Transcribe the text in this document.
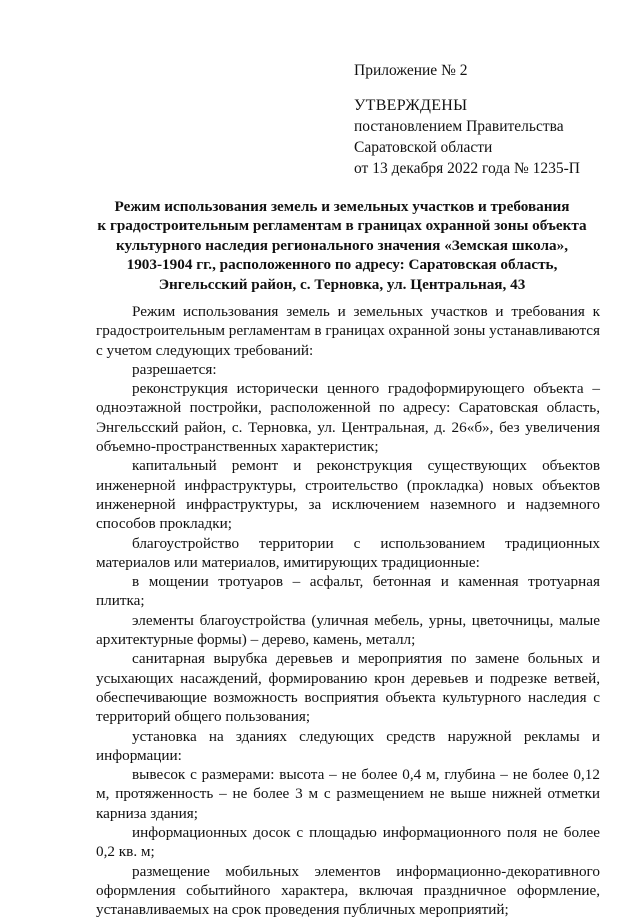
Приложение № 2
УТВЕРЖДЕНЫ
постановлением Правительства
Саратовской области
от 13 декабря 2022 года № 1235-П
Режим использования земель и земельных участков и требования
к градостроительным регламентам в границах охранной зоны объекта
культурного наследия регионального значения «Земская школа»,
1903-1904 гг., расположенного по адресу: Саратовская область,
Энгельсский район, с. Терновка, ул. Центральная, 43

Режим использования земель и земельных участков и требования к градостроительным регламентам в границах охранной зоны устанавливаются с учетом следующих требований:

разрешается:

реконструкция исторически ценного градоформирующего объекта – одноэтажной постройки, расположенной по адресу: Саратовская область, Энгельсский район, с. Терновка, ул. Центральная, д. 26«б», без увеличения объемно-пространственных характеристик;

капитальный ремонт и реконструкция существующих объектов инженерной инфраструктуры, строительство (прокладка) новых объектов инженерной инфраструктуры, за исключением наземного и надземного способов прокладки;

благоустройство территории с использованием традиционных материалов или материалов, имитирующих традиционные:

в мощении тротуаров – асфальт, бетонная и каменная тротуарная плитка;

элементы благоустройства (уличная мебель, урны, цветочницы, малые архитектурные формы) – дерево, камень, металл;

санитарная вырубка деревьев и мероприятия по замене больных и усыхающих насаждений, формированию крон деревьев и подрезке ветвей, обеспечивающие возможность восприятия объекта культурного наследия с территорий общего пользования;

установка на зданиях следующих средств наружной рекламы и информации:

вывесок с размерами: высота – не более 0,4 м, глубина – не более 0,12 м, протяженность – не более 3 м с размещением не выше нижней отметки карниза здания;

информационных досок с площадью информационного поля не более 0,2 кв. м;

размещение мобильных элементов информационно-декоративного оформления событийного характера, включая праздничное оформление, устанавливаемых на срок проведения публичных мероприятий;
